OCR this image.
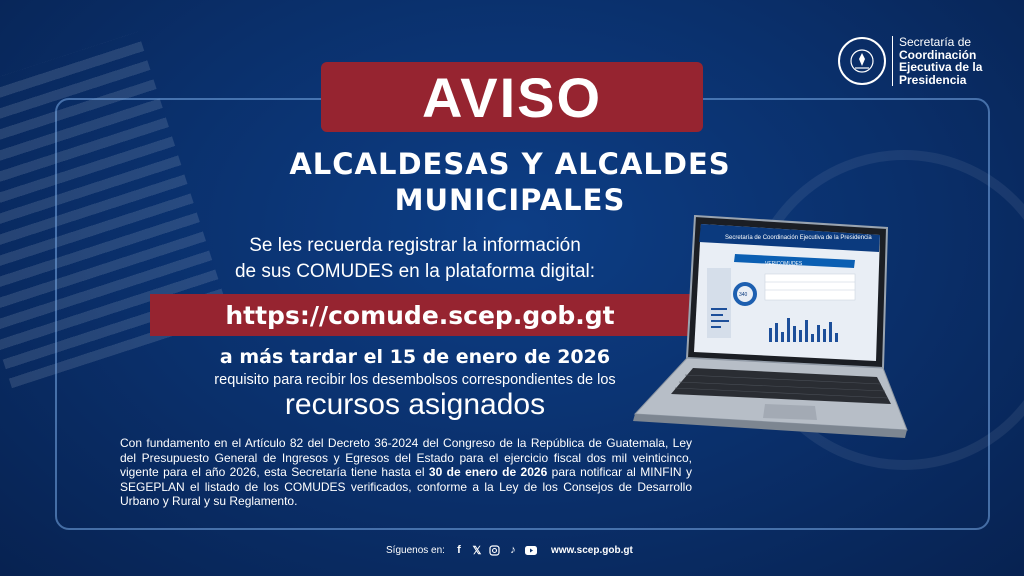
Secretaría de
Coordinación
Ejecutiva de la
Presidencia
AVISO
ALCALDESAS Y ALCALDES
MUNICIPALES
Se les recuerda registrar la información
de sus COMUDES en la plataforma digital:
https://comude.scep.gob.gt
a más tardar el 15 de enero de 2026
requisito para recibir los desembolsos correspondientes de los
recursos asignados
Con fundamento en el Artículo 82 del Decreto 36-2024 del Congreso de la República de Guatemala, Ley del Presupuesto General de Ingresos y Egresos del Estado para el ejercicio fiscal dos mil veinticinco, vigente para el año 2026, esta Secretaría tiene hasta el 30 de enero de 2026 para notificar al MINFIN y SEGEPLAN el listado de los COMUDES verificados, conforme a la Ley de los Consejos de Desarrollo Urbano y Rural y su Reglamento.
Secretaría de Coordinación Ejecutiva de la Presidencia
VERICOMUDES
340
Síguenos en:	f	𝕏	♪	www.scep.gob.gt
